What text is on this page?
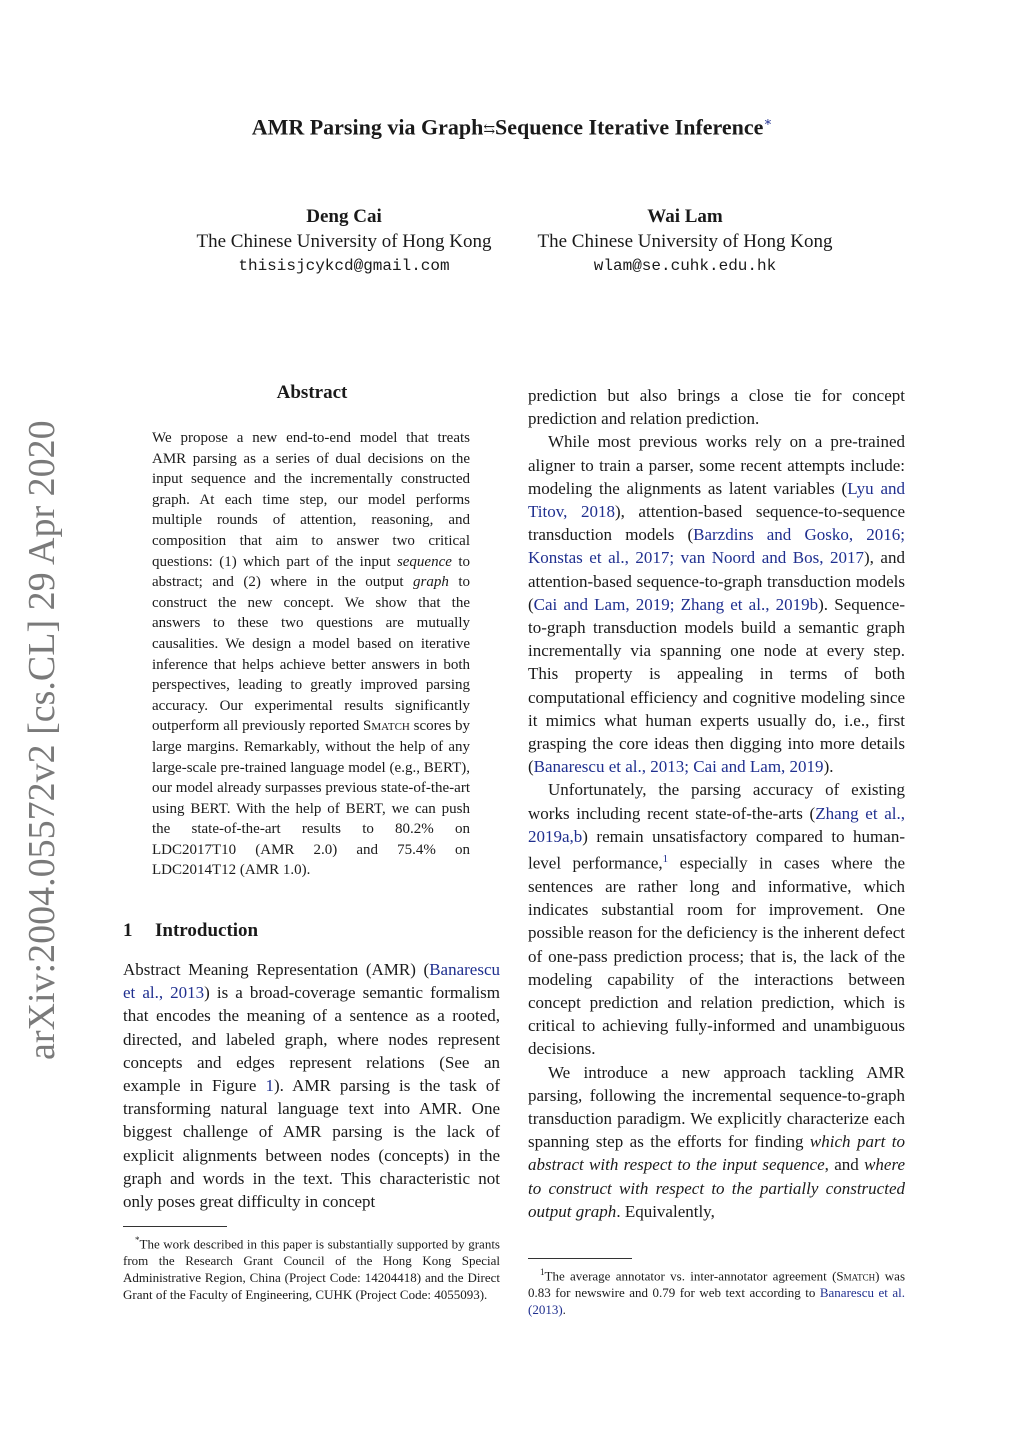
AMR Parsing via Graph⇆Sequence Iterative Inference∗
Deng Cai
The Chinese University of Hong Kong
thisisjcykcd@gmail.com
Wai Lam
The Chinese University of Hong Kong
wlam@se.cuhk.edu.hk
arXiv:2004.05572v2 [cs.CL] 29 Apr 2020
Abstract
We propose a new end-to-end model that treats AMR parsing as a series of dual decisions on the input sequence and the incrementally constructed graph. At each time step, our model performs multiple rounds of attention, reasoning, and composition that aim to answer two critical questions: (1) which part of the input sequence to abstract; and (2) where in the output graph to construct the new concept. We show that the answers to these two questions are mutually causalities. We design a model based on iterative inference that helps achieve better answers in both perspectives, leading to greatly improved parsing accuracy. Our experimental results significantly outperform all previously reported Smatch scores by large margins. Remarkably, without the help of any large-scale pre-trained language model (e.g., BERT), our model already surpasses previous state-of-the-art using BERT. With the help of BERT, we can push the state-of-the-art results to 80.2% on LDC2017T10 (AMR 2.0) and 75.4% on LDC2014T12 (AMR 1.0).
1 Introduction
Abstract Meaning Representation (AMR) (Banarescu et al., 2013) is a broad-coverage semantic formalism that encodes the meaning of a sentence as a rooted, directed, and labeled graph, where nodes represent concepts and edges represent relations (See an example in Figure 1). AMR parsing is the task of transforming natural language text into AMR. One biggest challenge of AMR parsing is the lack of explicit alignments between nodes (concepts) in the graph and words in the text. This characteristic not only poses great difficulty in concept
*The work described in this paper is substantially supported by grants from the Research Grant Council of the Hong Kong Special Administrative Region, China (Project Code: 14204418) and the Direct Grant of the Faculty of Engineering, CUHK (Project Code: 4055093).

prediction but also brings a close tie for concept prediction and relation prediction.

While most previous works rely on a pre-trained aligner to train a parser, some recent attempts include: modeling the alignments as latent variables (Lyu and Titov, 2018), attention-based sequence-to-sequence transduction models (Barzdins and Gosko, 2016; Konstas et al., 2017; van Noord and Bos, 2017), and attention-based sequence-to-graph transduction models (Cai and Lam, 2019; Zhang et al., 2019b). Sequence-to-graph transduction models build a semantic graph incrementally via spanning one node at every step. This property is appealing in terms of both computational efficiency and cognitive modeling since it mimics what human experts usually do, i.e., first grasping the core ideas then digging into more details (Banarescu et al., 2013; Cai and Lam, 2019).

Unfortunately, the parsing accuracy of existing works including recent state-of-the-arts (Zhang et al., 2019a,b) remain unsatisfactory compared to human-level performance,$^1$ especially in cases where the sentences are rather long and informative, which indicates substantial room for improvement. One possible reason for the deficiency is the inherent defect of one-pass prediction process; that is, the lack of the modeling capability of the interactions between concept prediction and relation prediction, which is critical to achieving fully-informed and unambiguous decisions.

We introduce a new approach tackling AMR parsing, following the incremental sequence-to-graph transduction paradigm. We explicitly characterize each spanning step as the efforts for finding which part to abstract with respect to the input sequence, and where to construct with respect to the partially constructed output graph. Equivalently,

$^1$The average annotator vs. inter-annotator agreement (Smatch) was 0.83 for newswire and 0.79 for web text according to Banarescu et al. (2013).
